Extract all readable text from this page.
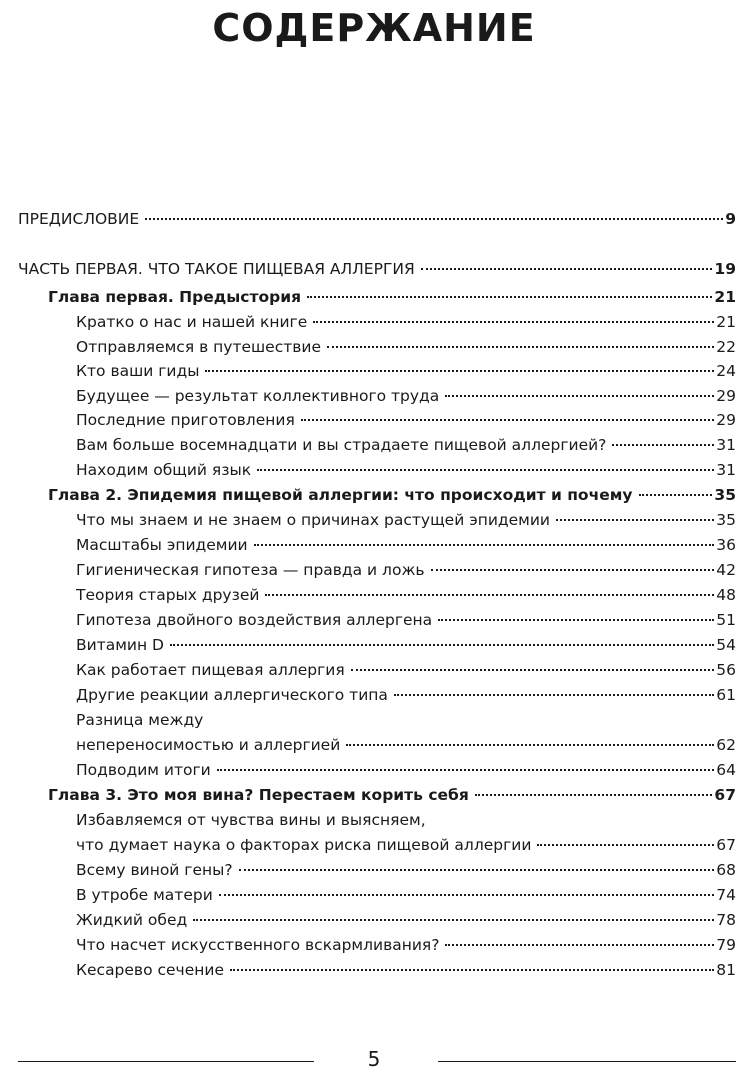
СОДЕРЖАНИЕ
ПРЕДИСЛОВИЕ	9
ЧАСТЬ ПЕРВАЯ. ЧТО ТАКОЕ ПИЩЕВАЯ АЛЛЕРГИЯ	19
Глава первая. Предыстория	21
Кратко о нас и нашей книге	21
Отправляемся в путешествие	22
Кто ваши гиды	24
Будущее — результат коллективного труда	29
Последние приготовления	29
Вам больше восемнадцати и вы страдаете пищевой аллергией?	31
Находим общий язык	31
Глава 2. Эпидемия пищевой аллергии: что происходит и почему	35
Что мы знаем и не знаем о причинах растущей эпидемии	35
Масштабы эпидемии	36
Гигиеническая гипотеза — правда и ложь	42
Теория старых друзей	48
Гипотеза двойного воздействия аллергена	51
Витамин D	54
Как работает пищевая аллергия	56
Другие реакции аллергического типа	61
Разница между
непереносимостью и аллергией	62
Подводим итоги	64
Глава 3. Это моя вина? Перестаем корить себя	67
Избавляемся от чувства вины и выясняем,
что думает наука о факторах риска пищевой аллергии	67
Всему виной гены?	68
В утробе матери	74
Жидкий обед	78
Что насчет искусственного вскармливания?	79
Кесарево сечение	81
5
